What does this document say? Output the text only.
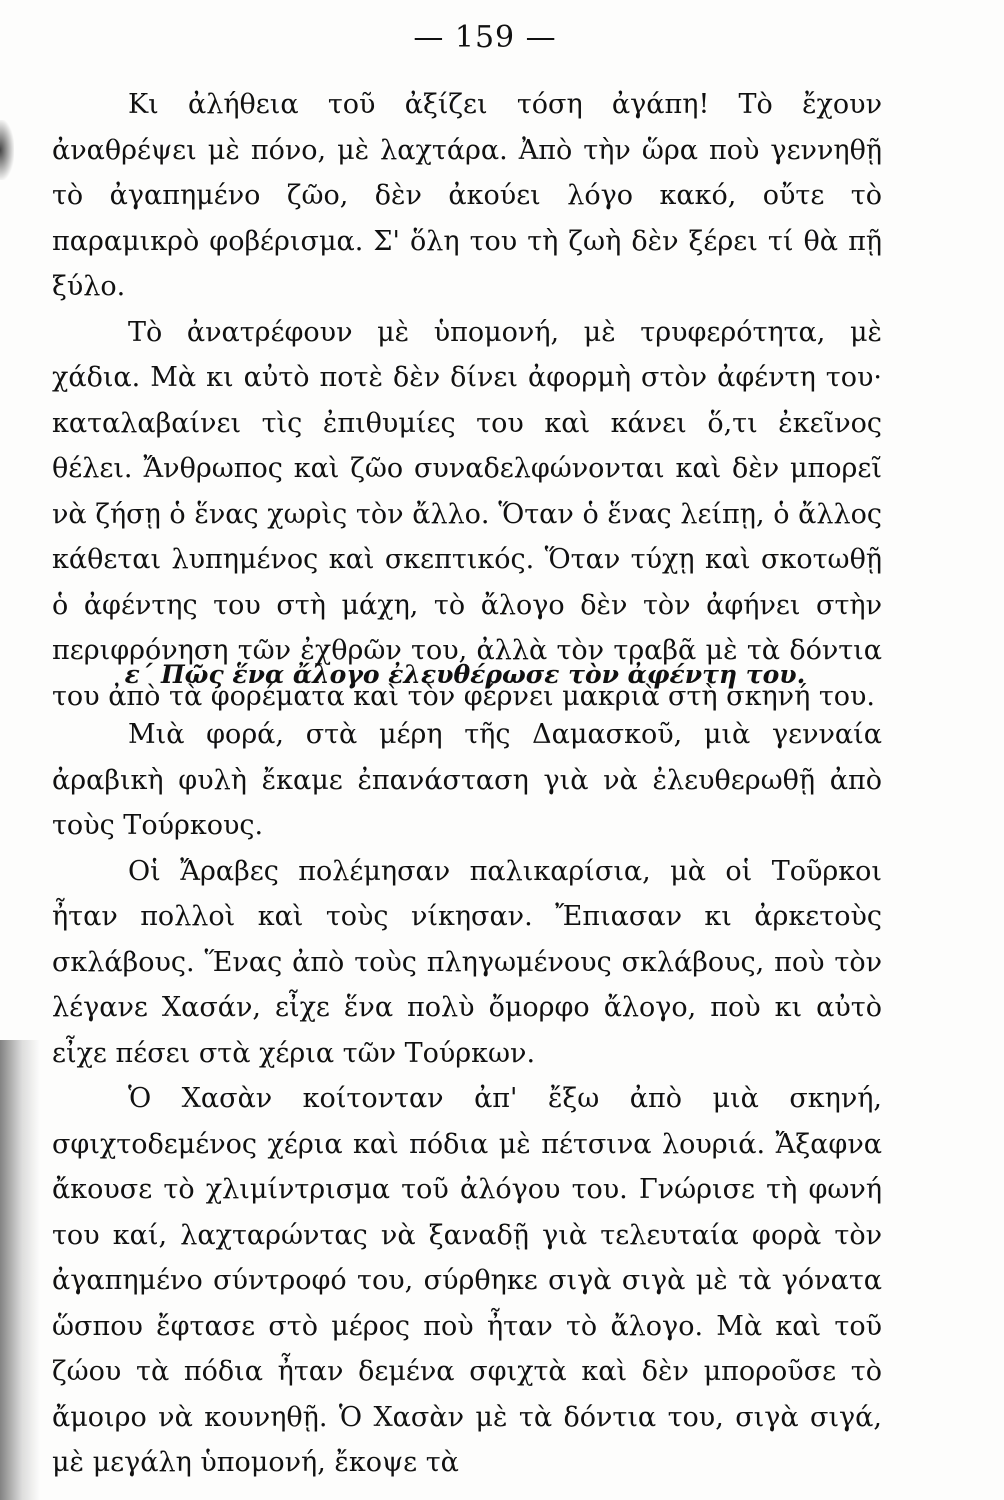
— 159 —

Κι ἀλήθεια τοῦ ἀξίζει τόση ἀγάπη! Τὸ ἔχουν ἀναθρέψει μὲ πόνο, μὲ λαχτάρα. Ἀπὸ τὴν ὥρα ποὺ γεννηθῇ τὸ ἀγαπημένο ζῶο, δὲν ἀκούει λόγο κακό, οὔτε τὸ παραμικρὸ φοβέρισμα. Σ' ὅλη του τὴ ζωὴ δὲν ξέρει τί θὰ πῇ ξύλο.

Τὸ ἀνατρέφουν μὲ ὑπομονή, μὲ τρυφερότητα, μὲ χάδια. Μὰ κι αὐτὸ ποτὲ δὲν δίνει ἀφορμὴ στὸν ἀφέντη του· καταλαβαίνει τὶς ἐπιθυμίες του καὶ κάνει ὅ,τι ἐκεῖνος θέλει. Ἄνθρωπος καὶ ζῶο συναδελφώνονται καὶ δὲν μπορεῖ νὰ ζήσῃ ὁ ἕνας χωρὶς τὸν ἄλλο. Ὅταν ὁ ἕνας λείπῃ, ὁ ἄλλος κάθεται λυπημένος καὶ σκεπτικός. Ὅταν τύχῃ καὶ σκοτωθῇ ὁ ἀφέντης του στὴ μάχη, τὸ ἄλογο δὲν τὸν ἀφήνει στὴν περιφρόνηση τῶν ἐχθρῶν του, ἀλλὰ τὸν τραβᾶ μὲ τὰ δόντια του ἀπὸ τὰ φορέματα καὶ τὸν φέρνει μακριὰ στὴ σκηνή του.

ε΄ Πῶς ἕνα ἄλογο ἐλευθέρωσε τὸν ἀφέντη του.

Μιὰ φορά, στὰ μέρη τῆς Δαμασκοῦ, μιὰ γενναία ἀραβικὴ φυλὴ ἔκαμε ἐπανάσταση γιὰ νὰ ἐλευθερωθῇ ἀπὸ τοὺς Τούρκους.

Οἱ Ἄραβες πολέμησαν παλικαρίσια, μὰ οἱ Τοῦρκοι ἦταν πολλοὶ καὶ τοὺς νίκησαν. Ἔπιασαν κι ἀρκετοὺς σκλάβους. Ἕνας ἀπὸ τοὺς πληγωμένους σκλάβους, ποὺ τὸν λέγανε Χασάν, εἶχε ἕνα πολὺ ὄμορφο ἄλογο, ποὺ κι αὐτὸ εἶχε πέσει στὰ χέρια τῶν Τούρκων.

Ὁ Χασὰν κοίτονταν ἀπ' ἔξω ἀπὸ μιὰ σκηνή, σφιχτοδεμένος χέρια καὶ πόδια μὲ πέτσινα λουριά. Ἄξαφνα ἄκουσε τὸ χλιμίντρισμα τοῦ ἀλόγου του. Γνώρισε τὴ φωνή του καί, λαχταρώντας νὰ ξαναδῇ γιὰ τελευταία φορὰ τὸν ἀγαπημένο σύντροφό του, σύρθηκε σιγὰ σιγὰ μὲ τὰ γόνατα ὥσπου ἔφτασε στὸ μέρος ποὺ ἦταν τὸ ἄλογο. Μὰ καὶ τοῦ ζώου τὰ πόδια ἦταν δεμένα σφιχτὰ καὶ δὲν μποροῦσε τὸ ἄμοιρο νὰ κουνηθῇ. Ὁ Χασὰν μὲ τὰ δόντια του, σιγὰ σιγά, μὲ μεγάλη ὑπομονή, ἔκοψε τὰ
